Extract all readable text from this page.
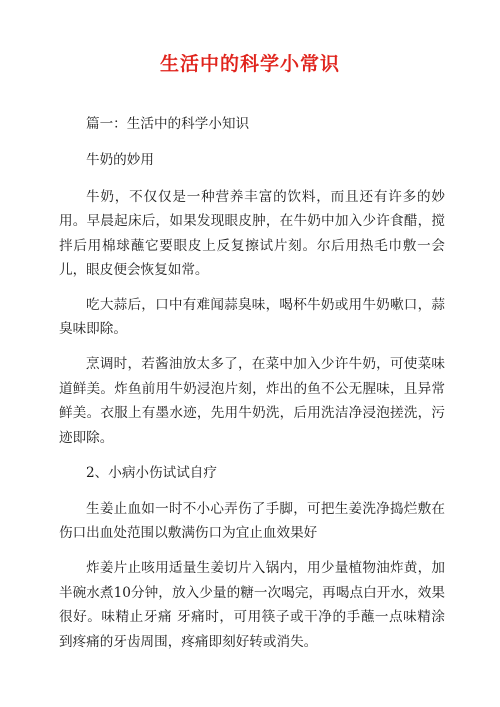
生活中的科学小常识

篇一：生活中的科学小知识

牛奶的妙用

牛奶，不仅仅是一种营养丰富的饮料，而且还有许多的妙 用。早晨起床后，如果发现眼皮肿，在牛奶中加入少许食醋，搅 拌后用棉球蘸它要眼皮上反复擦试片刻。尔后用热毛巾敷一会 儿，眼皮便会恢复如常。

吃大蒜后，口中有难闻蒜臭味，喝杯牛奶或用牛奶嗽口，蒜 臭味即除。

烹调时，若酱油放太多了，在菜中加入少许牛奶，可使菜味 道鲜美。炸鱼前用牛奶浸泡片刻，炸出的鱼不公无腥味，且异常 鲜美。衣服上有墨水迹，先用牛奶洗，后用洗洁净浸泡搓洗，污 迹即除。

2、小病小伤试试自疗

生姜止血如一时不小心弄伤了手脚，可把生姜洗净捣烂敷在 伤口出血处范围以敷满伤口为宜止血效果好

炸姜片止咳用适量生姜切片入锅内，用少量植物油炸黄，加 半碗水煮10分钟，放入少量的糖一次喝完，再喝点白开水，效果 很好。味精止牙痛 牙痛时，可用筷子或干净的手蘸一点味精涂 到疼痛的牙齿周围，疼痛即刻好转或消失。
